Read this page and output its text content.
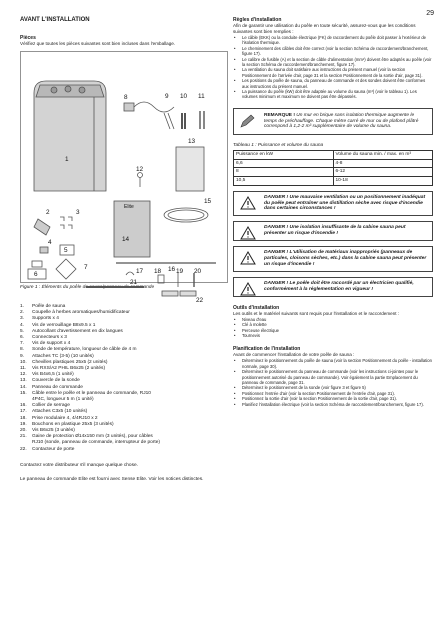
29
AVANT L'INSTALLATION
Pièces
Vérifiez que toutes les pièces suivantes sont bien incluses dans l'emballage.
1
2	3
4
5
6
7
8	9 10 11
12
13
14
15
16
17 18 19 20
21
22
Elite
Figure 1 : Éléments du poêle de sauna/panneau de commande
1.	Poêle de sauna
2.	Coupelle à herbes aromatiques/humidificateur
3.	Supports x 4
4.	Vis de verrouillage B8x9.5 x 1
5.	Autocollant d'avertissement en dix langues
6.	Connecteurs x 3
7.	Vis de support x 4
8.	Sonde de température, longueur de câble de 4 m
9.	Attaches TC (3-5) (10 unités)
10.	Chevilles plastiques 25x5 (2 unités)
11.	Vis RXS/A2 PHIL B6x25 (2 unités)
12.	Vis B4x6,5 (1 unité)
13.	Couvercle de la sonde
14.	Panneau de commande
15.	Câble entre le poêle et le panneau de commande, RJ10
4P4C, longueur 5 m (1 unité)
16.	Collier de serrage
17.	Attaches C3x5 (10 unités)
18.	Prise modulaire 4, 4/4RJ10 x 2
19.	Bouchons en plastique 25x5 (3 unités)
20.	Vis B6x25 (3 unités)
21.	Gaine de protection Ø14x150 mm (3 unités), pour câbles
RJ10 (sonde, panneau de commande, interrupteur de porte)
22.	Contacteur de porte
Contactez votre distributeur s'il manque quelque chose.
Le panneau de commande Elite est fourni avec Sense Elite. Voir les notices distinctes.
Règles d'installation
Afin de garantir une utilisation du poêle en toute sécurité, assurez-vous que les conditions suivantes sont bien remplies :
• Le câble (EKK) ou la conduite électrique (FK) de raccordement du poêle doit passer à l'extérieur de l'isolation thermique.
• Le cheminement des câbles doit être correct (voir la section Schéma de raccordement/branchement, figure 17).
• Le calibre de fusible (A) et la section de câble d'alimentation (mm²) doivent être adaptés au poêle (voir la section Schéma de raccordement/branchement, figure 17).
• La ventilation du sauna doit satisfaire aux instructions du présent manuel (voir la section Positionnement de l'arrivée d'air, page 31 et la section Positionnement de la sortie d'air, page 31).
• Les positions du poêle de sauna, du panneau de commande et des sondes doivent être conformes aux instructions du présent manuel.
• La puissance du poêle (kW) doit être adaptée au volume du sauna (m³) (voir le tableau 1). Les volumes minimum et maximum ne doivent pas être dépassés.
REMARQUE ! Un mur en brique sans isolation thermique augmente le temps de préchauffage. Chaque mètre carré de mur ou de plafond plâtré correspond à 1,2-2 m³ supplémentaire de volume du sauna.
Tableau 1 : Puissance et volume du sauna
Puissance en kW	Volume du sauna min. / max. en m³
6,6	4-8
8	6-12
10,5	10-18
DANGER ! Une mauvaise ventilation ou un positionnement inadéquat du poêle peut entraîner une distillation sèche avec risque d'incendie dans certaines circonstances !
DANGER ! Une isolation insuffisante de la cabine sauna peut présenter un risque d'incendie !
DANGER ! L'utilisation de matériaux inappropriés (panneaux de particules, cloisons sèches, etc.) dans la cabine sauna peut présenter un risque d'incendie !
DANGER ! Le poêle doit être raccordé par un électricien qualifié, conformément à la réglementation en vigueur !
Outils d'installation
Les outils et le matériel suivants sont requis pour l'installation et le raccordement :
• Niveau d'eau
• Clé à molette
• Perceuse électrique
• Tournevis
Planification de l'installation
Avant de commencer l'installation de votre poêle de sauna :
• Déterminez le positionnement du poêle de sauna (voir la section Positionnement du poêle - installation normale, page 30).
• Déterminez le positionnement du panneau de commande (voir les instructions ci-jointes pour le positionnement autorisé du panneau de commande). Voir également la partie Emplacement du panneau de commande, page 31.
• Déterminez le positionnement de la sonde (voir figure 3 et figure 5)
• Positionnez l'entrée d'air (voir la section Positionnement de l'entrée d'air, page 31).
• Positionnez la sortie d'air (voir la section Positionnement de la sortie d'air, page 31).
• Planifiez l'installation électrique (voir la section Schéma de raccordement/branchement, figure 17).
